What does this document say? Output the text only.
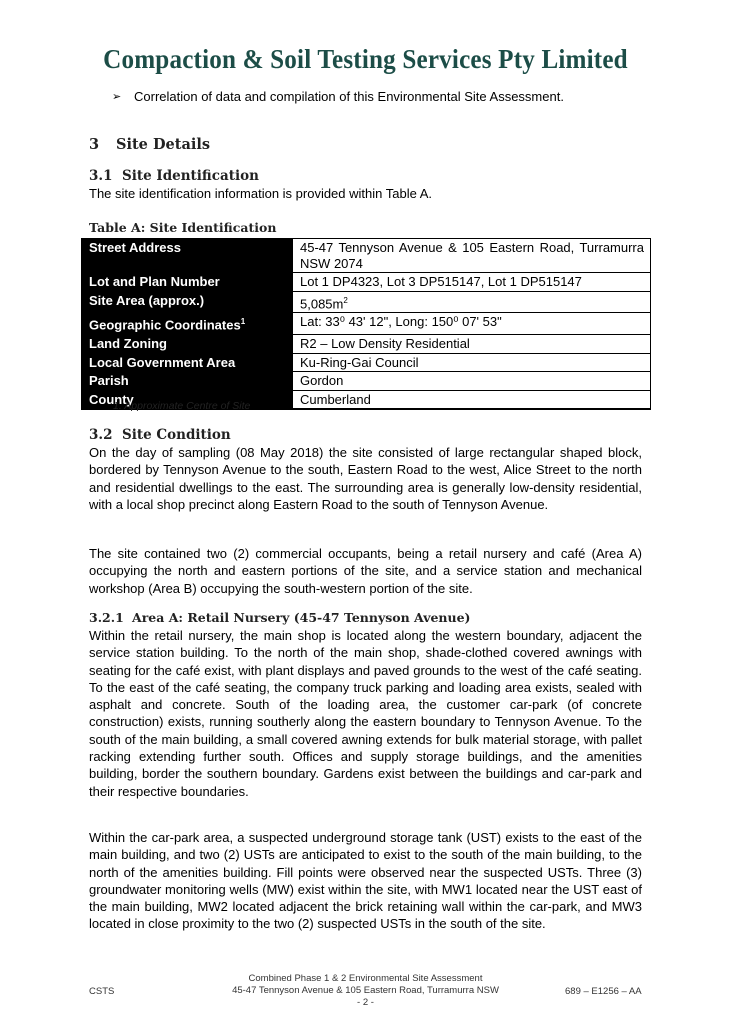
Compaction & Soil Testing Services Pty Limited
➢ Correlation of data and compilation of this Environmental Site Assessment.
3 Site Details
3.1 Site Identification

The site identification information is provided within Table A.

Table A: Site Identification
Street Address	45-47 Tennyson Avenue & 105 Eastern Road, Turramurra NSW 2074
Lot and Plan Number	Lot 1 DP4323, Lot 3 DP515147, Lot 1 DP515147
Site Area (approx.)	$5,085m^2$
Geographic Coordinates$^1$	Lat: 33⁰ 43' 12", Long: 150⁰ 07' 53"
Land Zoning	R2 – Low Density Residential
Local Government Area	Ku-Ring-Gai Council
Parish	Gordon
County	Cumberland
1. Approximate Centre of Site
3.2 Site Condition

On the day of sampling (08 May 2018) the site consisted of large rectangular shaped block, bordered by Tennyson Avenue to the south, Eastern Road to the west, Alice Street to the north and residential dwellings to the east. The surrounding area is generally low-density residential, with a local shop precinct along Eastern Road to the south of Tennyson Avenue.

The site contained two (2) commercial occupants, being a retail nursery and café (Area A) occupying the north and eastern portions of the site, and a service station and mechanical workshop (Area B) occupying the south-western portion of the site.

3.2.1 Area A: Retail Nursery (45-47 Tennyson Avenue)

Within the retail nursery, the main shop is located along the western boundary, adjacent the service station building. To the north of the main shop, shade-clothed covered awnings with seating for the café exist, with plant displays and paved grounds to the west of the café seating. To the east of the café seating, the company truck parking and loading area exists, sealed with asphalt and concrete. South of the loading area, the customer car-park (of concrete construction) exists, running southerly along the eastern boundary to Tennyson Avenue. To the south of the main building, a small covered awning extends for bulk material storage, with pallet racking extending further south. Offices and supply storage buildings, and the amenities building, border the southern boundary. Gardens exist between the buildings and car-park and their respective boundaries.

Within the car-park area, a suspected underground storage tank (UST) exists to the east of the main building, and two (2) USTs are anticipated to exist to the south of the main building, to the north of the amenities building. Fill points were observed near the suspected USTs. Three (3) groundwater monitoring wells (MW) exist within the site, with MW1 located near the UST east of the main building, MW2 located adjacent the brick retaining wall within the car-park, and MW3 located in close proximity to the two (2) suspected USTs in the south of the site.

Combined Phase 1 & 2 Environmental Site Assessment
45-47 Tennyson Avenue & 105 Eastern Road, Turramurra NSW
- 2 -
CSTS	689 – E1256 – AA
